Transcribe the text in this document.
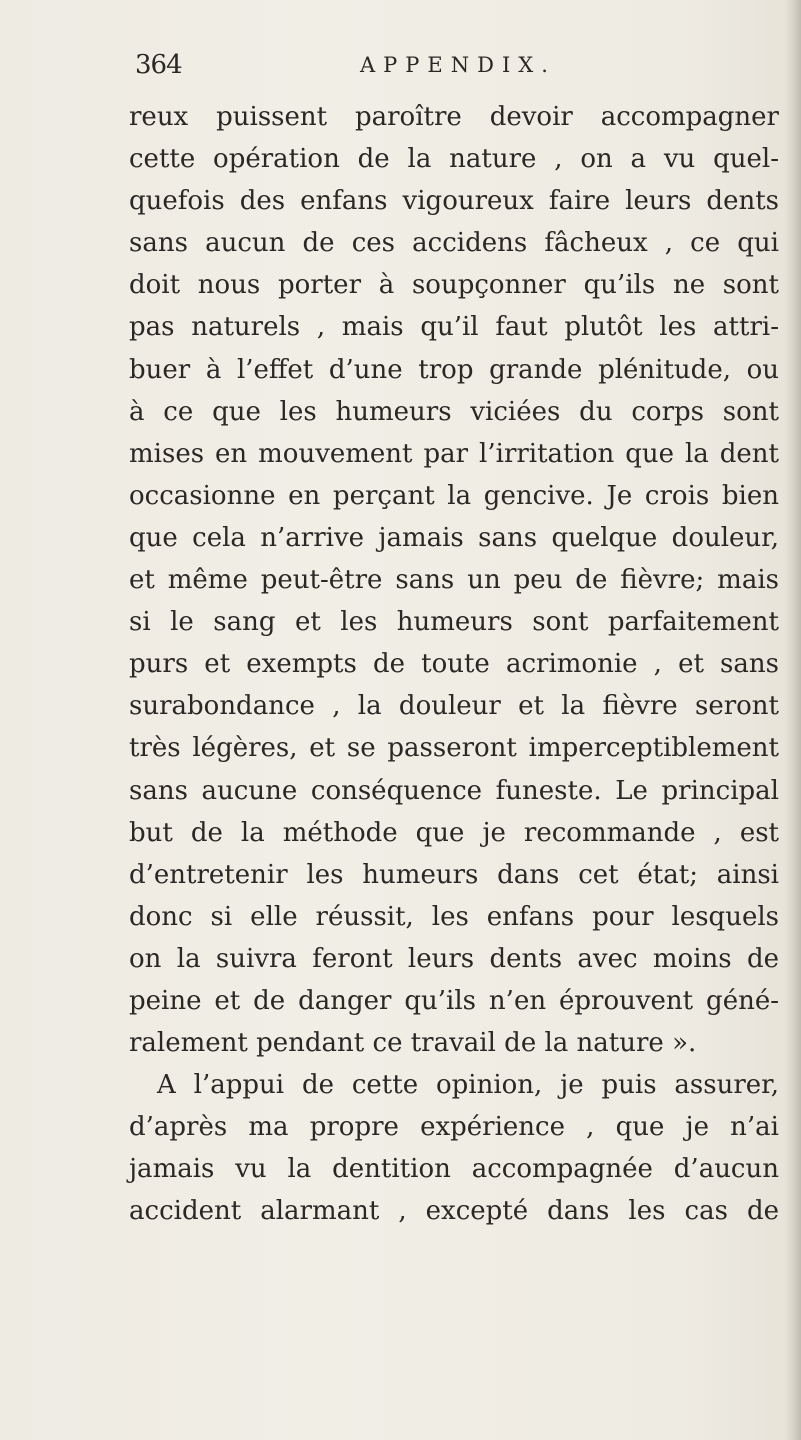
364	APPENDIX.
reux puissent paroître devoir accompagner
cette opération de la nature , on a vu quel-
quefois des enfans vigoureux faire leurs dents
sans aucun de ces accidens fâcheux , ce qui
doit nous porter à soupçonner qu’ils ne sont
pas naturels , mais qu’il faut plutôt les attri-
buer à l’effet d’une trop grande plénitude, ou
à ce que les humeurs viciées du corps sont
mises en mouvement par l’irritation que la dent
occasionne en perçant la gencive. Je crois bien
que cela n’arrive jamais sans quelque douleur,
et même peut-être sans un peu de fièvre; mais
si le sang et les humeurs sont parfaitement
purs et exempts de toute acrimonie , et sans
surabondance , la douleur et la fièvre seront
très légères, et se passeront imperceptiblement
sans aucune conséquence funeste. Le principal
but de la méthode que je recommande , est
d’entretenir les humeurs dans cet état; ainsi
donc si elle réussit, les enfans pour lesquels
on la suivra feront leurs dents avec moins de
peine et de danger qu’ils n’en éprouvent géné-
ralement pendant ce travail de la nature ».
A l’appui de cette opinion, je puis assurer,
d’après ma propre expérience , que je n’ai
jamais vu la dentition accompagnée d’aucun
accident alarmant , excepté dans les cas de
